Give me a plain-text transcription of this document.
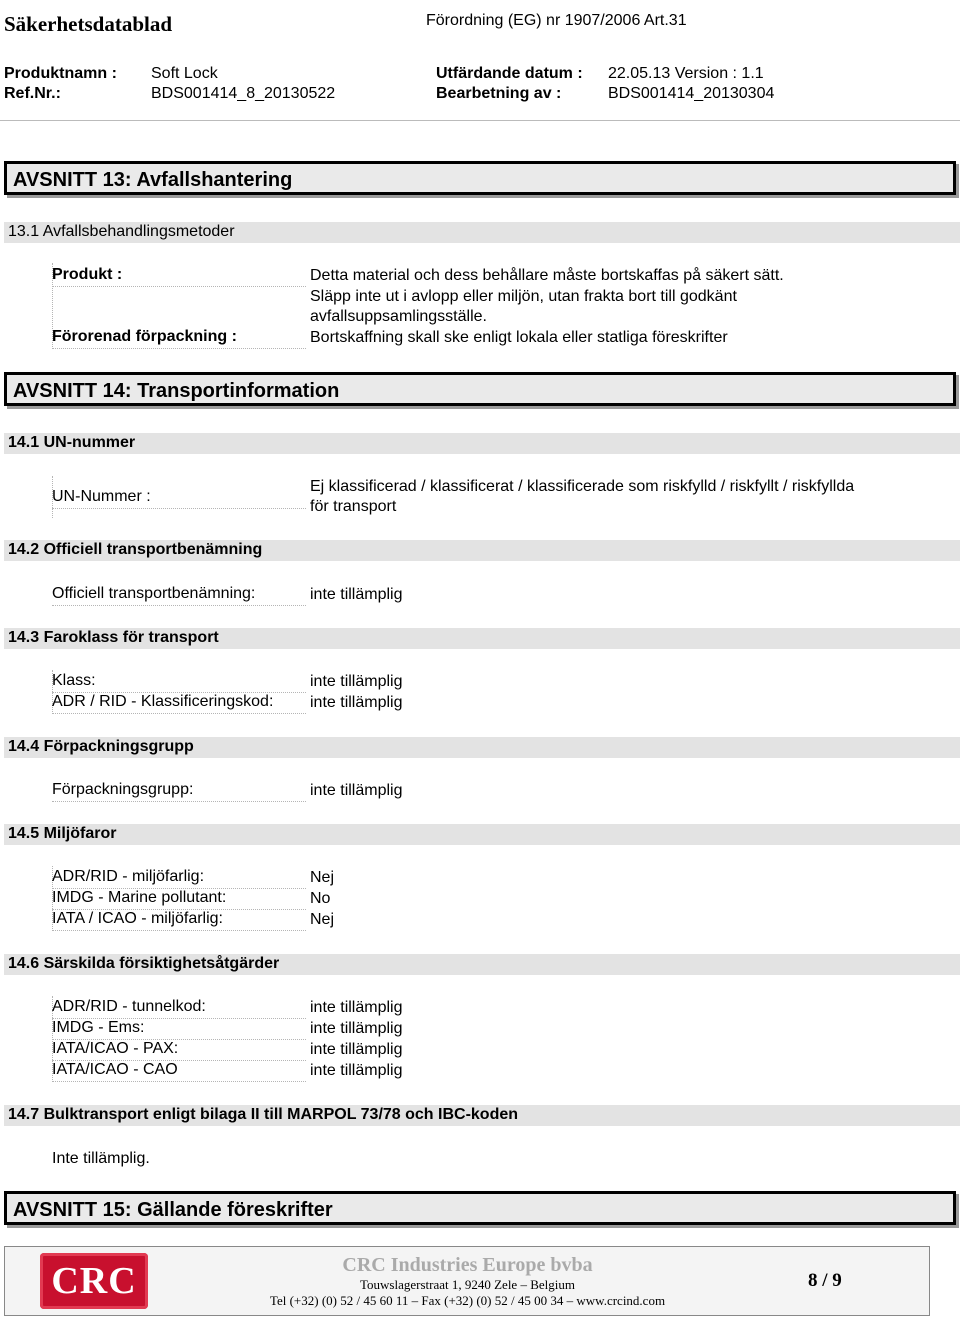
Säkerhetsdatablad	Förordning (EG) nr 1907/2006 Art.31
Produktnamn : Soft Lock
Ref.Nr.:	BDS001414_8_20130522
Utfärdande datum : 22.05.13 Version : 1.1
Bearbetning av :	BDS001414_20130304
AVSNITT 13: Avfallshantering
13.1 Avfallsbehandlingsmetoder
Produkt :	Detta material och dess behållare måste bortskaffas på säkert sätt.
Släpp inte ut i avlopp eller miljön, utan frakta bort till godkänt
avfallsuppsamlingsställe.
Förorenad förpackning :	Bortskaffning skall ske enligt lokala eller statliga föreskrifter
AVSNITT 14: Transportinformation
14.1 UN-nummer
UN-Nummer :
Ej klassificerad / klassificerat / klassificerade som riskfylld / riskfyllt / riskfyllda
för transport
14.2 Officiell transportbenämning
Officiell transportbenämning:	inte tillämplig
14.3 Faroklass för transport
Klass:	inte tillämplig
ADR / RID - Klassificeringskod:	inte tillämplig
14.4 Förpackningsgrupp
Förpackningsgrupp:	inte tillämplig
14.5 Miljöfaror
ADR/RID - miljöfarlig:	Nej
IMDG - Marine pollutant:	No
IATA / ICAO - miljöfarlig:	Nej
14.6 Särskilda försiktighetsåtgärder
ADR/RID - tunnelkod:	inte tillämplig
IMDG - Ems:	inte tillämplig
IATA/ICAO - PAX:	inte tillämplig
IATA/ICAO - CAO	inte tillämplig
14.7 Bulktransport enligt bilaga II till MARPOL 73/78 och IBC-koden
Inte tillämplig.
AVSNITT 15: Gällande föreskrifter
CRC	CRC Industries Europe bvba
Touwslagerstraat 1, 9240 Zele – Belgium
Tel (+32) (0) 52 / 45 60 11 – Fax (+32) (0) 52 / 45 00 34 – www.crcind.com
8 / 9
